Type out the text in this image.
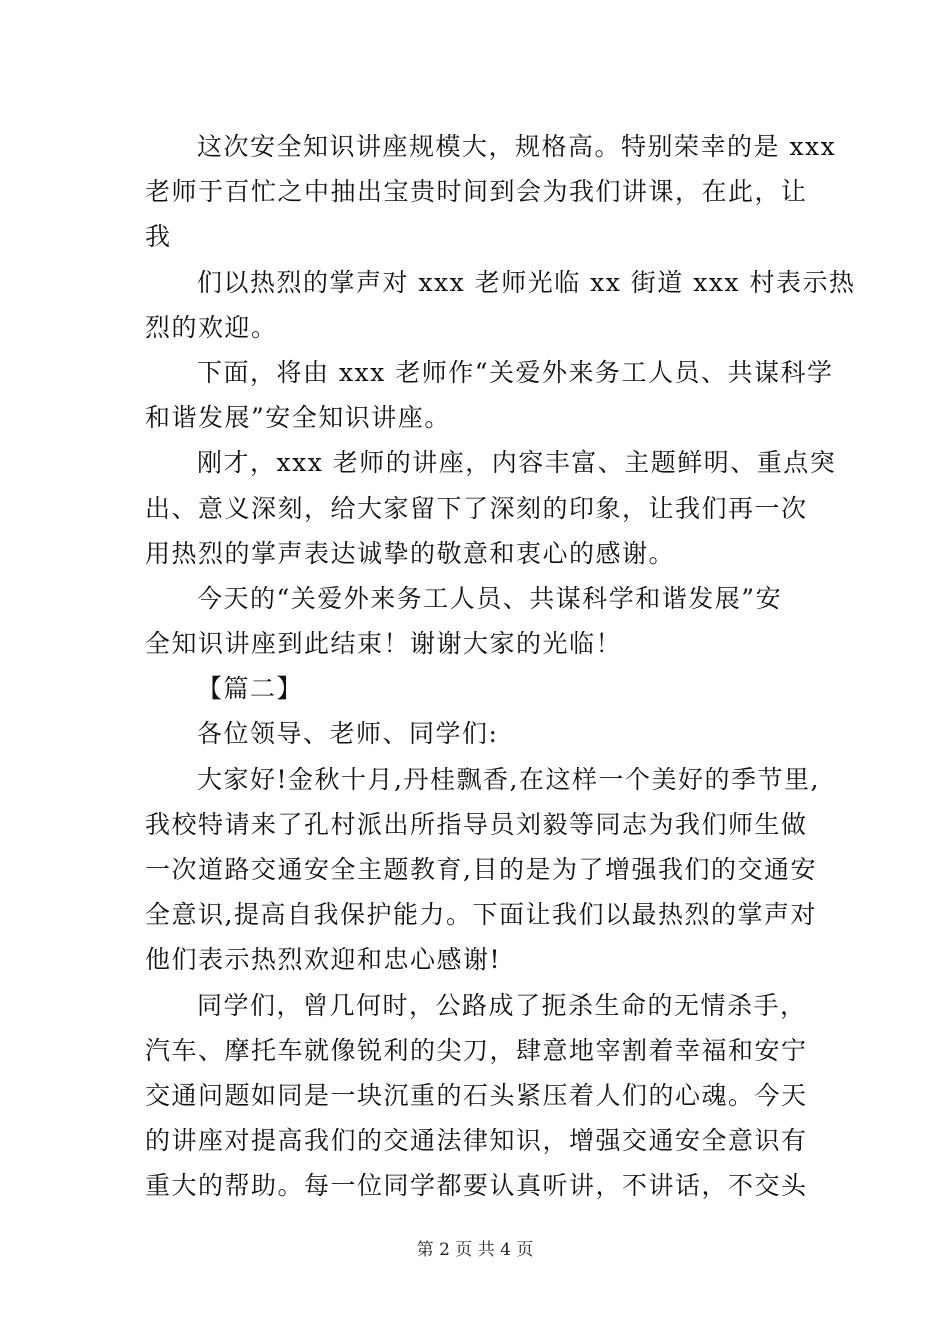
这次安全知识讲座规模大，规格高。特别荣幸的是 xxx
老师于百忙之中抽出宝贵时间到会为我们讲课，在此，让
我
们以热烈的掌声对 xxx 老师光临 xx 街道 xxx 村表示热
烈的欢迎。
下面，将由 xxx 老师作“关爱外来务工人员、共谋科学
和谐发展”安全知识讲座。
刚才，xxx 老师的讲座，内容丰富、主题鲜明、重点突
出、意义深刻，给大家留下了深刻的印象，让我们再一次
用热烈的掌声表达诚挚的敬意和衷心的感谢。
今天的“关爱外来务工人员、共谋科学和谐发展”安
全知识讲座到此结束！谢谢大家的光临！
【篇二】
各位领导、老师、同学们:
大家好!金秋十月,丹桂飘香,在这样一个美好的季节里,
我校特请来了孔村派出所指导员刘毅等同志为我们师生做
一次道路交通安全主题教育,目的是为了增强我们的交通安
全意识,提高自我保护能力。下面让我们以最热烈的掌声对
他们表示热烈欢迎和忠心感谢!
同学们，曾几何时，公路成了扼杀生命的无情杀手，
汽车、摩托车就像锐利的尖刀，肆意地宰割着幸福和安宁
交通问题如同是一块沉重的石头紧压着人们的心魂。今天
的讲座对提高我们的交通法律知识，增强交通安全意识有
重大的帮助。每一位同学都要认真听讲，不讲话，不交头
第 2 页 共 4 页
